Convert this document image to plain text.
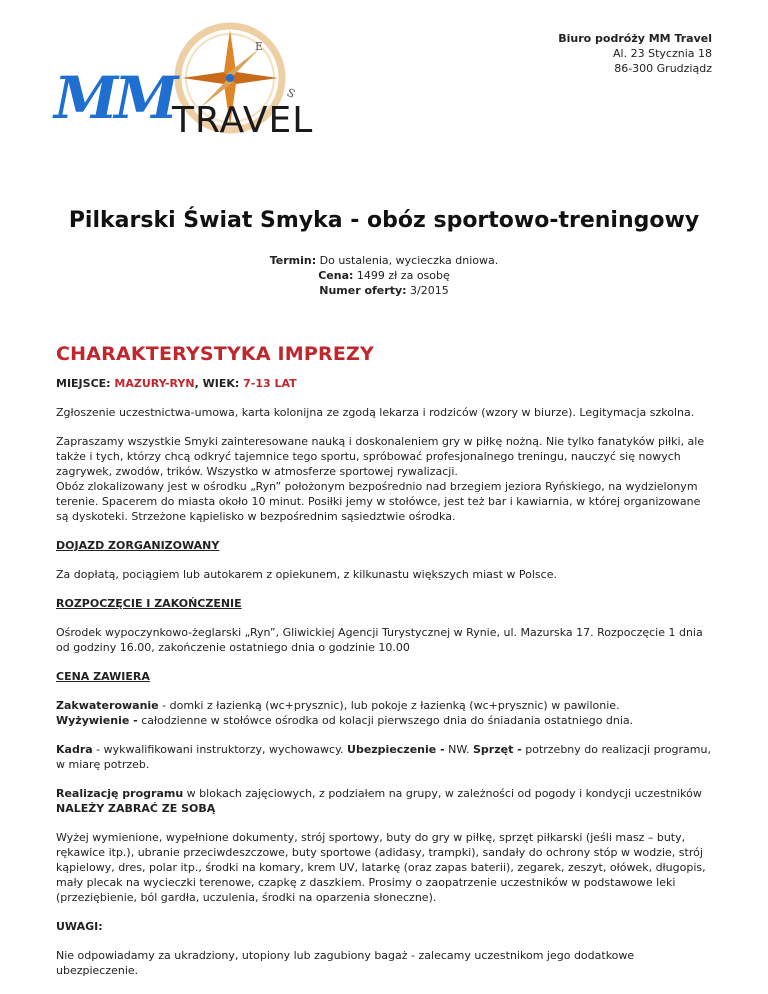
Biuro podróży MM Travel
Al. 23 Stycznia 18
86-300 Grudziądz
E
S
MM
TRAVEL
Pilkarski Świat Smyka - obóz sportowo-treningowy
Termin: Do ustalenia, wycieczka dniowa.
Cena: 1499 zł za osobę
Numer oferty: 3/2015
CHARAKTERYSTYKA IMPREZY

MIEJSCE: MAZURY-RYN, WIEK: 7-13 LAT

Zgłoszenie uczestnictwa-umowa, karta kolonijna ze zgodą lekarza i rodziców (wzory w biurze). Legitymacja szkolna.

Zapraszamy wszystkie Smyki zainteresowane nauką i doskonaleniem gry w piłkę nożną. Nie tylko fanatyków piłki, ale także i tych, którzy chcą odkryć tajemnice tego sportu, spróbować profesjonalnego treningu, nauczyć się nowych zagrywek, zwodów, trików. Wszystko w atmosferze sportowej rywalizacji.
Obóz zlokalizowany jest w ośrodku „Ryn” położonym bezpośrednio nad brzegiem jeziora Ryńskiego, na wydzielonym terenie. Spacerem do miasta około 10 minut. Posiłki jemy w stołówce, jest też bar i kawiarnia, w której organizowane są dyskoteki. Strzeżone kąpielisko w bezpośrednim sąsiedztwie ośrodka.

DOJAZD ZORGANIZOWANY

Za dopłatą, pociągiem lub autokarem z opiekunem, z kilkunastu większych miast w Polsce.

ROZPOCZĘCIE I ZAKOŃCZENIE

Ośrodek wypoczynkowo-żeglarski „Ryn”, Gliwickiej Agencji Turystycznej w Rynie, ul. Mazurska 17. Rozpoczęcie 1 dnia od godziny 16.00, zakończenie ostatniego dnia o godzinie 10.00

CENA ZAWIERA

Zakwaterowanie - domki z łazienką (wc+prysznic), lub pokoje z łazienką (wc+prysznic) w pawilonie.
Wyżywienie - całodzienne w stołówce ośrodka od kolacji pierwszego dnia do śniadania ostatniego dnia.

Kadra - wykwalifikowani instruktorzy, wychowawcy. Ubezpieczenie - NW. Sprzęt - potrzebny do realizacji programu, w miarę potrzeb.

Realizację programu w blokach zajęciowych, z podziałem na grupy, w zależności od pogody i kondycji uczestników
NALEŻY ZABRAĆ ZE SOBĄ

Wyżej wymienione, wypełnione dokumenty, strój sportowy, buty do gry w piłkę, sprzęt piłkarski (jeśli masz – buty, rękawice itp.), ubranie przeciwdeszczowe, buty sportowe (adidasy, trampki), sandały do ochrony stóp w wodzie, strój kąpielowy, dres, polar itp., środki na komary, krem UV, latarkę (oraz zapas baterii), zegarek, zeszyt, ołówek, długopis, mały plecak na wycieczki terenowe, czapkę z daszkiem. Prosimy o zaopatrzenie uczestników w podstawowe leki (przeziębienie, ból gardła, uczulenia, środki na oparzenia słoneczne).

UWAGI:

Nie odpowiadamy za ukradziony, utopiony lub zagubiony bagaż - zalecamy uczestnikom jego dodatkowe ubezpieczenie.
